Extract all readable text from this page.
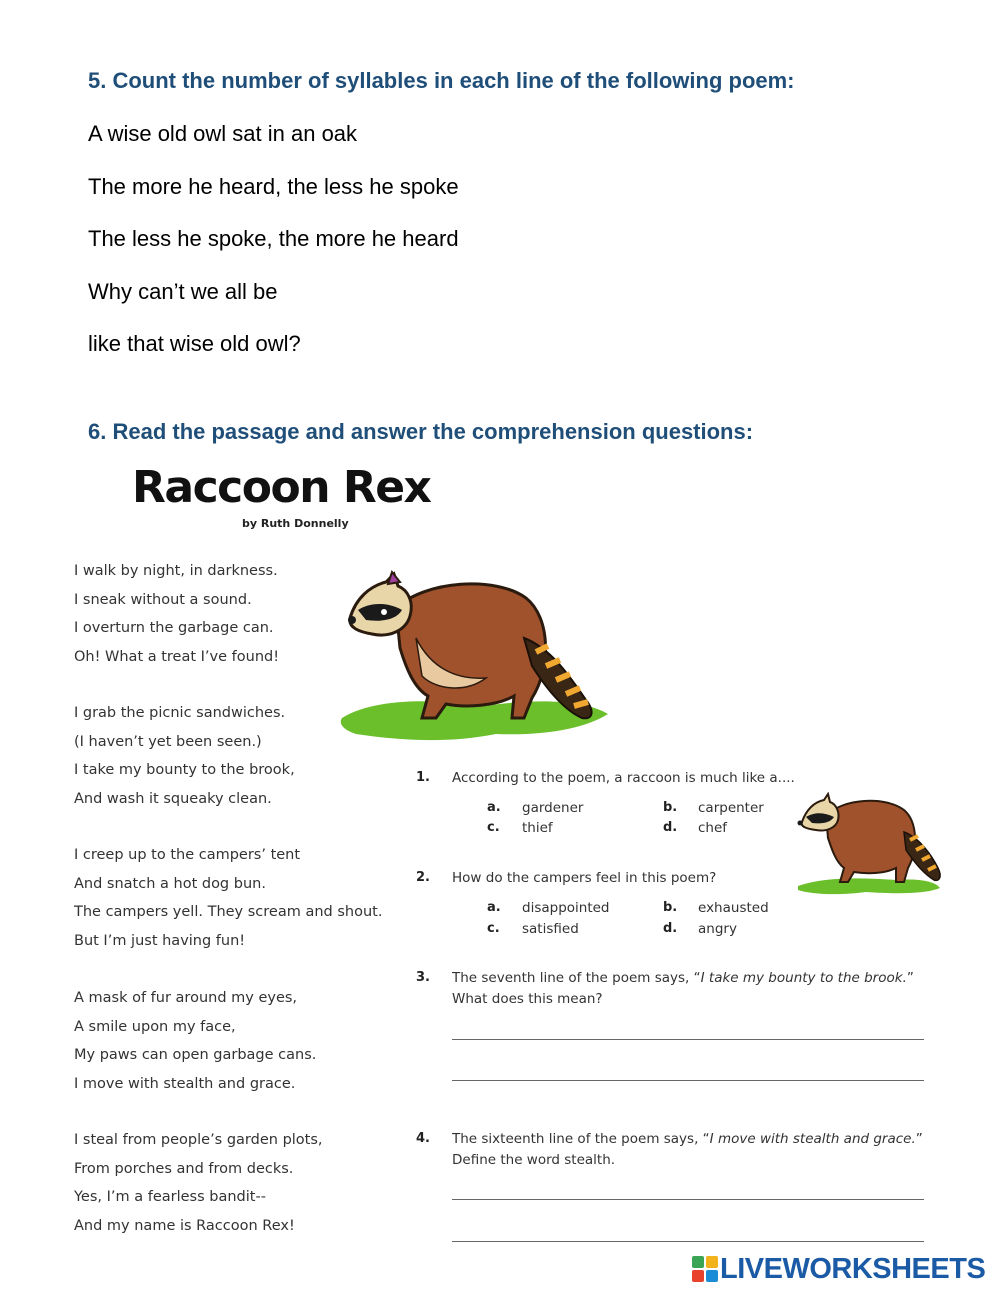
5. Count the number of syllables in each line of the following poem:
A wise old owl sat in an oak
The more he heard, the less he spoke
The less he spoke, the more he heard
Why can’t we all be
like that wise old owl?
6. Read the passage and answer the comprehension questions:
Raccoon Rex
by Ruth Donnelly
I walk by night, in darkness.
I sneak without a sound.
I overturn the garbage can.
Oh! What a treat I’ve found!
I grab the picnic sandwiches.
(I haven’t yet been seen.)
I take my bounty to the brook,
And wash it squeaky clean.
I creep up to the campers’ tent
And snatch a hot dog bun.
The campers yell. They scream and shout.
But I’m just having fun!
A mask of fur around my eyes,
A smile upon my face,
My paws can open garbage cans.
I move with stealth and grace.
I steal from people’s garden plots,
From porches and from decks.
Yes, I’m a fearless bandit--
And my name is Raccoon Rex!
1. According to the poem, a raccoon is much like a....
a. gardener	b. carpenter
c. thief	d. chef
2. How do the campers feel in this poem?
a. disappointed	b. exhausted
c. satisfied	d. angry
3. The seventh line of the poem says, “I take my bounty to the brook.”
What does this mean?
4. The sixteenth line of the poem says, “I move with stealth and grace.”
Define the word stealth.
LIVEWORKSHEETS
